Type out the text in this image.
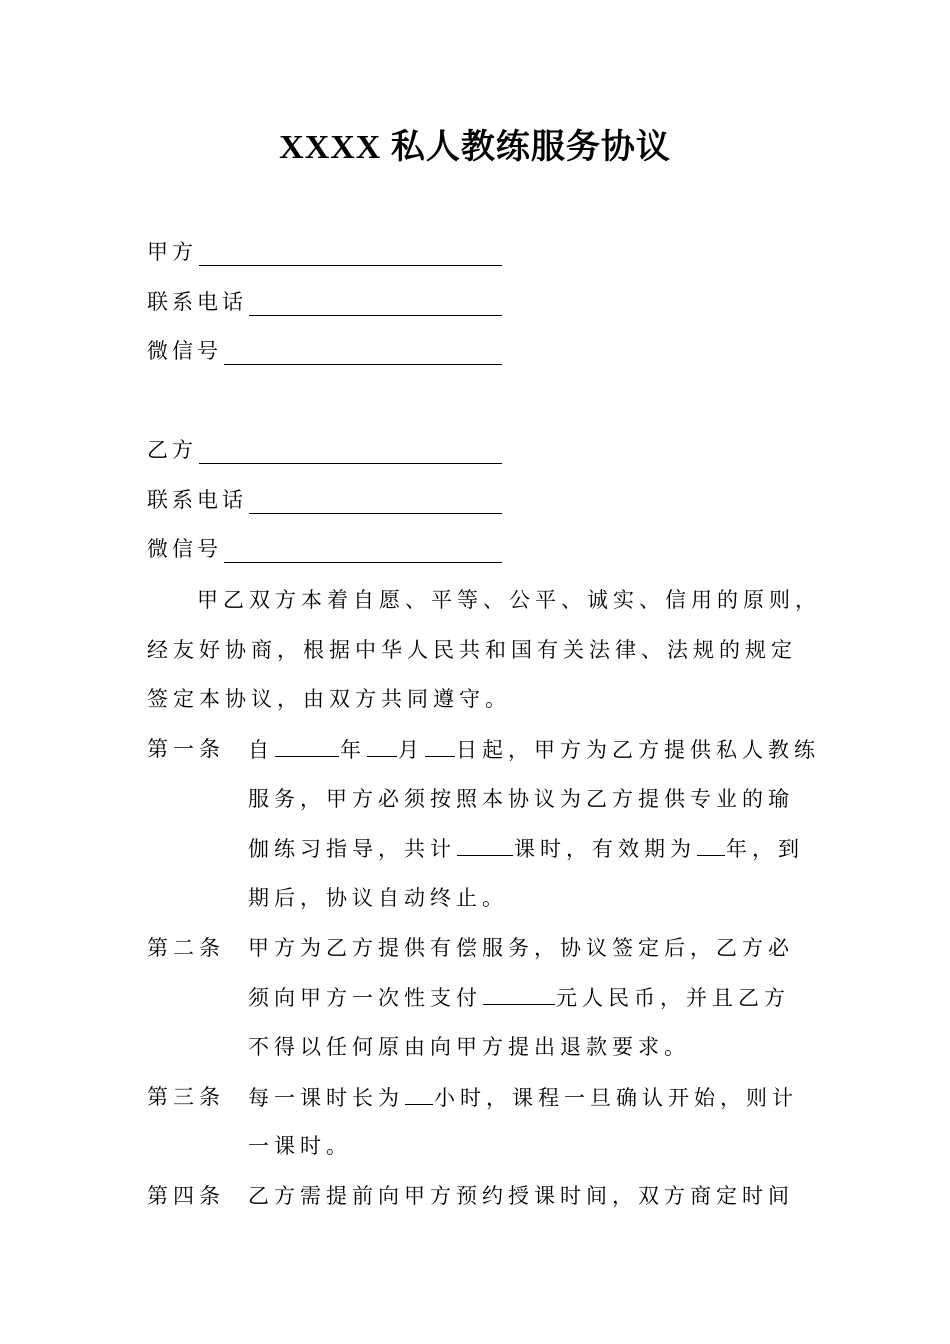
XXXX 私人教练服务协议
甲方
联系电话
微信号
乙方
联系电话
微信号
甲乙双方本着自愿、平等、公平、诚实、信用的原则，
经友好协商，根据中华人民共和国有关法律、法规的规定
签定本协议，由双方共同遵守。
第一条 自	年 月 日起，甲方为乙方提供私人教练
服务，甲方必须按照本协议为乙方提供专业的瑜
伽练习指导，共计	课时，有效期为 年，到
期后，协议自动终止。
第二条 甲方为乙方提供有偿服务，协议签定后，乙方必
须向甲方一次性支付	元人民币，并且乙方
不得以任何原由向甲方提出退款要求。
第三条 每一课时长为 小时，课程一旦确认开始，则计
一课时。
第四条 乙方需提前向甲方预约授课时间，双方商定时间
